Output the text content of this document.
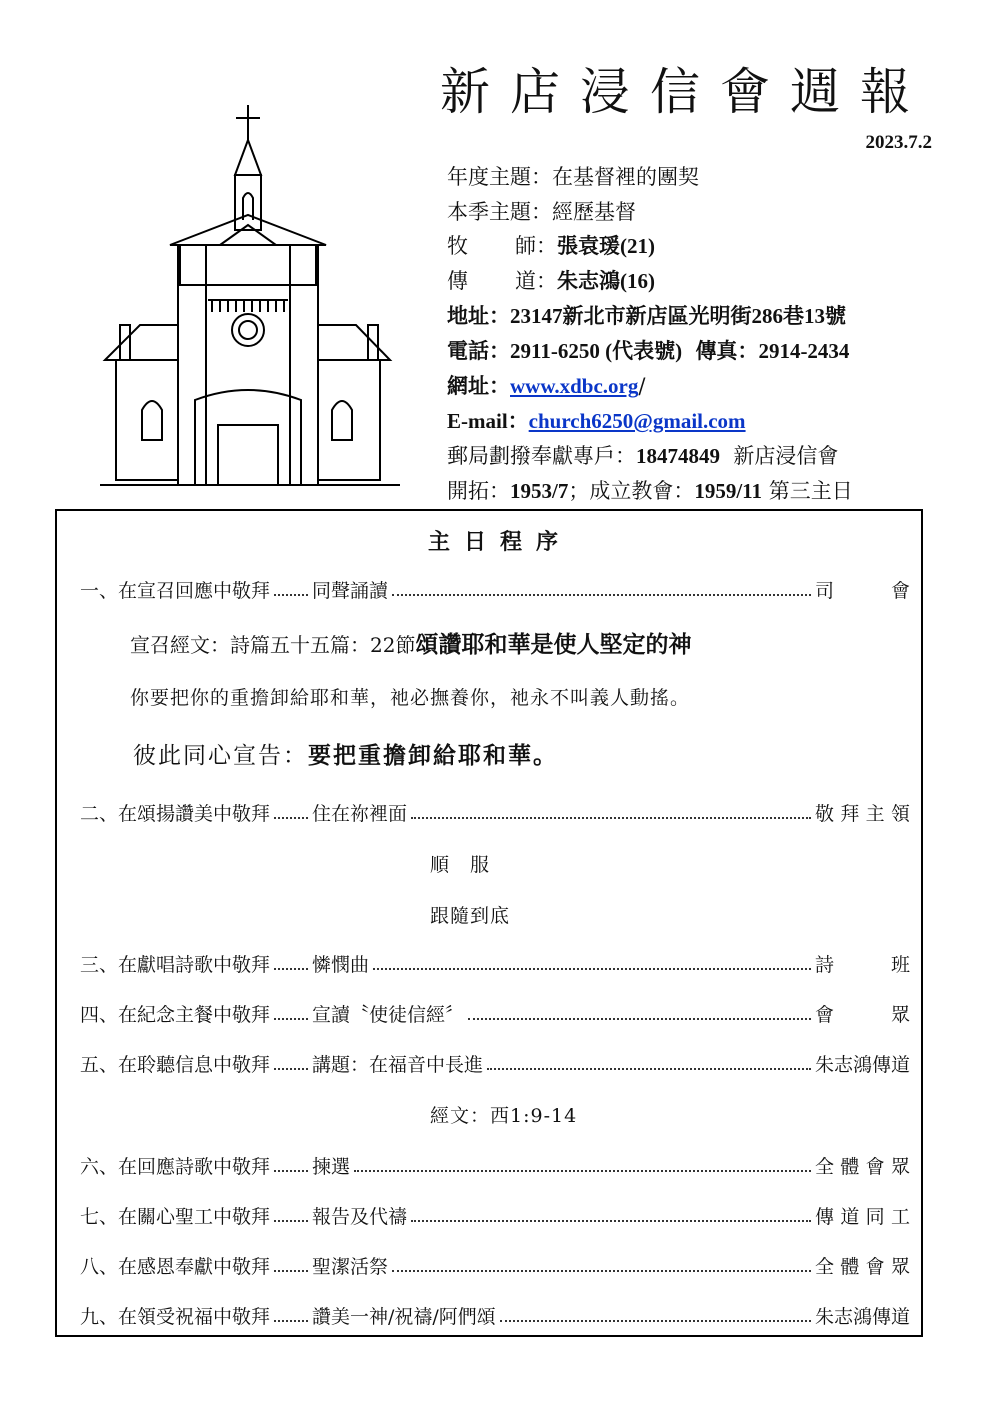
新店浸信會週報
2023.7.2
年度主題：在基督裡的團契
本季主題：經歷基督
牧 師：張袁瑗(21)
傳 道：朱志鴻(16)
地址：23147新北市新店區光明街286巷13號
電話：2911-6250 (代表號) 傳真：2914-2434
網址：www.xdbc.org/
E-mail：church6250@gmail.com
郵局劃撥奉獻專戶：18474849 新店浸信會
開拓：1953/7；成立教會：1959/11 第三主日
主日程序
一、在宣召回應中敬拜 同聲誦讀	司會
宣召經文：詩篇五十五篇：22節頌讚耶和華是使人堅定的神
你要把你的重擔卸給耶和華，祂必撫養你，祂永不叫義人動搖。
彼此同心宣告：要把重擔卸給耶和華。
二、在頌揚讚美中敬拜 住在祢裡面	敬拜主領
順　服
跟隨到底
三、在獻唱詩歌中敬拜 憐憫曲	詩班
四、在紀念主餐中敬拜 宣讀〝使徒信經〞	會眾
五、在聆聽信息中敬拜 講題：在福音中長進	朱志鴻傳道
經文：西1:9-14
六、在回應詩歌中敬拜 揀選	全體會眾
七、在關心聖工中敬拜 報告及代禱	傳道同工
八、在感恩奉獻中敬拜 聖潔活祭	全體會眾
九、在領受祝福中敬拜 讚美一神/祝禱/阿們頌	朱志鴻傳道
